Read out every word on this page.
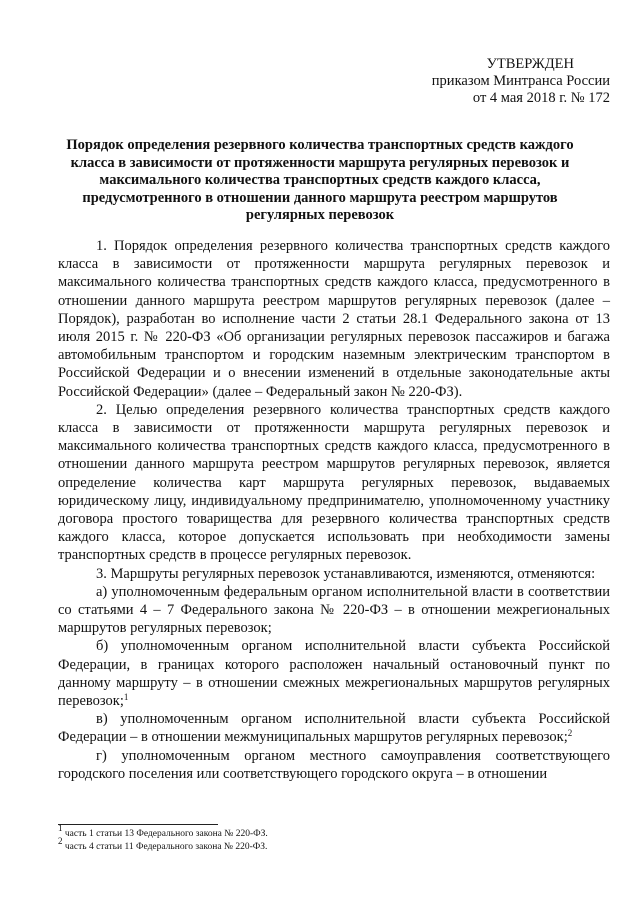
УТВЕРЖДЕН
приказом Минтранса России
от 4 мая 2018 г. № 172
Порядок определения резервного количества транспортных средств каждого класса в зависимости от протяженности маршрута регулярных перевозок и максимального количества транспортных средств каждого класса, предусмотренного в отношении данного маршрута реестром маршрутов регулярных перевозок

1. Порядок определения резервного количества транспортных средств каждого класса в зависимости от протяженности маршрута регулярных перевозок и максимального количества транспортных средств каждого класса, предусмотренного в отношении данного маршрута реестром маршрутов регулярных перевозок (далее – Порядок), разработан во исполнение части 2 статьи 28.1 Федерального закона от 13 июля 2015 г. № 220-ФЗ «Об организации регулярных перевозок пассажиров и багажа автомобильным транспортом и городским наземным электрическим транспортом в Российской Федерации и о внесении изменений в отдельные законодательные акты Российской Федерации» (далее – Федеральный закон № 220-ФЗ).

2. Целью определения резервного количества транспортных средств каждого класса в зависимости от протяженности маршрута регулярных перевозок и максимального количества транспортных средств каждого класса, предусмотренного в отношении данного маршрута реестром маршрутов регулярных перевозок, является определение количества карт маршрута регулярных перевозок, выдаваемых юридическому лицу, индивидуальному предпринимателю, уполномоченному участнику договора простого товарищества для резервного количества транспортных средств каждого класса, которое допускается использовать при необходимости замены транспортных средств в процессе регулярных перевозок.

3. Маршруты регулярных перевозок устанавливаются, изменяются, отменяются:

а) уполномоченным федеральным органом исполнительной власти в соответствии со статьями 4 – 7 Федерального закона № 220-ФЗ – в отношении межрегиональных маршрутов регулярных перевозок;

б) уполномоченным органом исполнительной власти субъекта Российской Федерации, в границах которого расположен начальный остановочный пункт по данному маршруту – в отношении смежных межрегиональных маршрутов регулярных перевозок;$^1$

в) уполномоченным органом исполнительной власти субъекта Российской Федерации – в отношении межмуниципальных маршрутов регулярных перевозок;$^2$

г) уполномоченным органом местного самоуправления соответствующего городского поселения или соответствующего городского округа – в отношении

$^1$ часть 1 статьи 13 Федерального закона № 220-ФЗ.
$^2$ часть 4 статьи 11 Федерального закона № 220-ФЗ.
